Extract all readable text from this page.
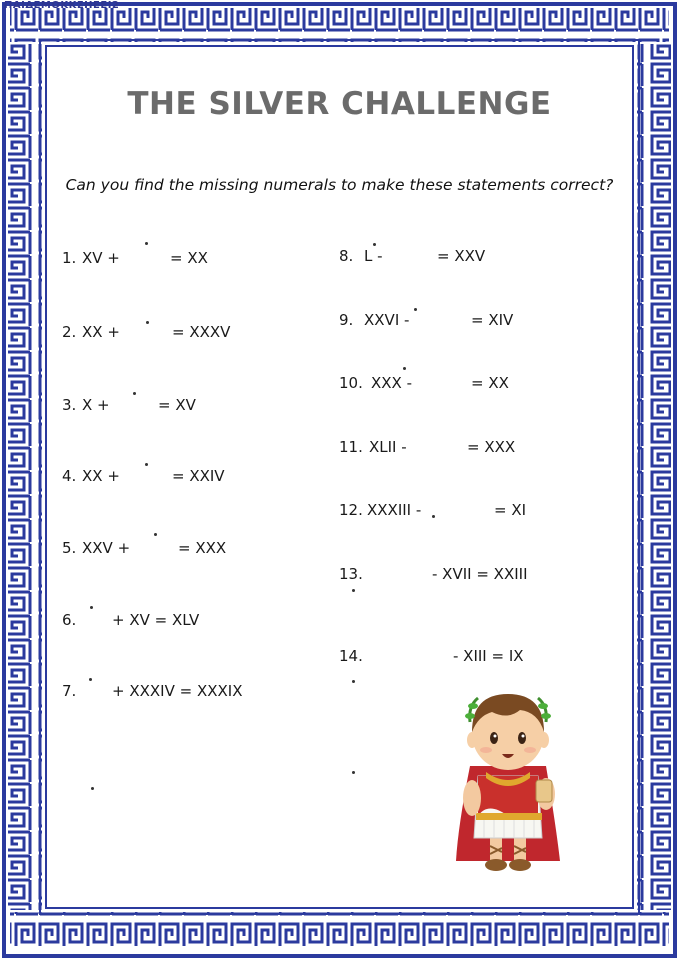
ΠΑΙΔΕΜΟΚΚΣΗΕΕΙ2
THE SILVER CHALLENGE
Can you find the missing numerals to make these statements correct?
1. XV +	= XX
2. XX +	= XXXV
3. X +	= XV
4. XX +	= XXIV
5. XXV +	= XXX
6. + XV = XLV
7. + XXXIV = XXXIX
8. L -	= XXV
9. XXVI -	= XIV
10. XXX -	= XX
11. XLII -	= XXX
12. XXXIII -	= XI
13.	- XVII = XXIII
14.	- XIII = IX
